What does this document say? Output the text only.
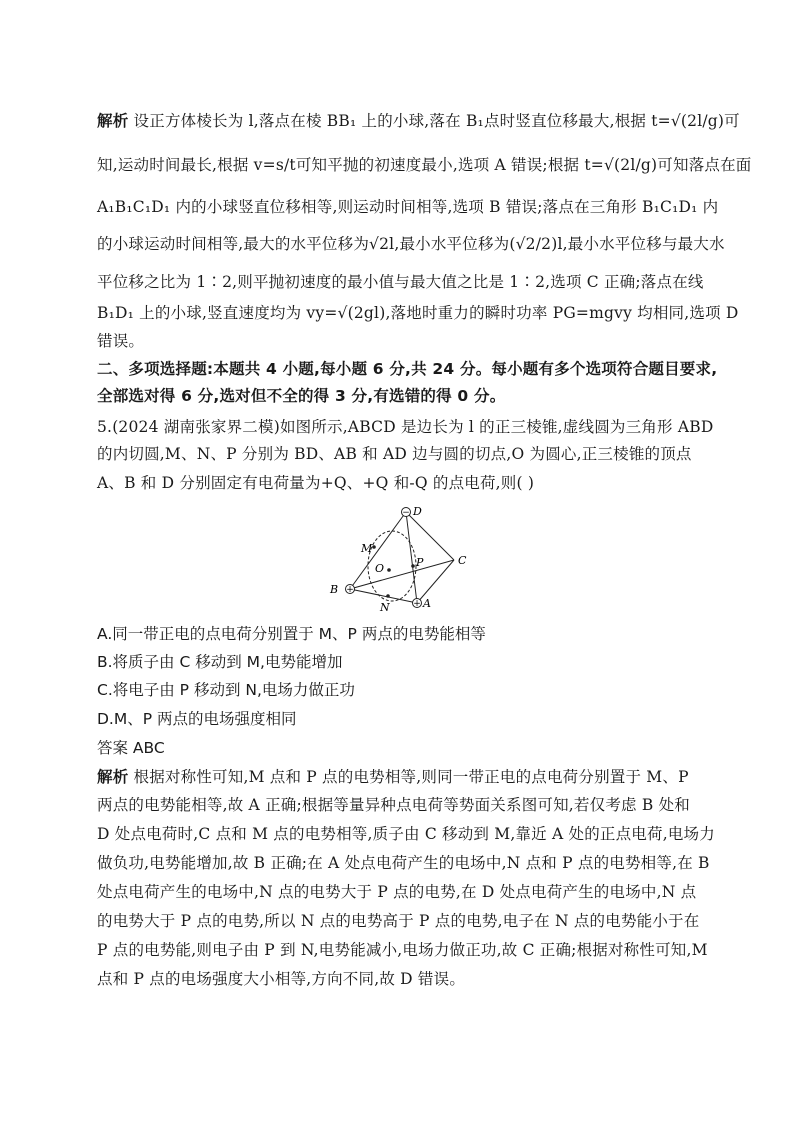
解析 设正方体棱长为 l,落点在棱 BB₁ 上的小球,落在 B₁点时竖直位移最大,根据 t=√(2l/g)可
知,运动时间最长,根据 v=s/t可知平抛的初速度最小,选项 A 错误;根据 t=√(2l/g)可知落点在面
A₁B₁C₁D₁ 内的小球竖直位移相等,则运动时间相等,选项 B 错误;落点在三角形 B₁C₁D₁ 内
的小球运动时间相等,最大的水平位移为√2l,最小水平位移为(√2/2)l,最小水平位移与最大水
平位移之比为 1∶2,则平抛初速度的最小值与最大值之比是 1∶2,选项 C 正确;落点在线
B₁D₁ 上的小球,竖直速度均为 vy=√(2gl),落地时重力的瞬时功率 PG=mgvy 均相同,选项 D
错误。
二、多项选择题:本题共 4 小题,每小题 6 分,共 24 分。每小题有多个选项符合题目要求,
全部选对得 6 分,选对但不全的得 3 分,有选错的得 0 分。
5.(2024 湖南张家界二模)如图所示,ABCD 是边长为 l 的正三棱锥,虚线圆为三角形 ABD
的内切圆,M、N、P 分别为 BD、AB 和 AD 边与圆的切点,O 为圆心,正三棱锥的顶点
A、B 和 D 分别固定有电荷量为+Q、+Q 和-Q 的点电荷,则( )
−
+
+
D
M
O	P	C
B
N	A
A.同一带正电的点电荷分别置于 M、P 两点的电势能相等
B.将质子由 C 移动到 M,电势能增加
C.将电子由 P 移动到 N,电场力做正功
D.M、P 两点的电场强度相同
答案 ABC
解析 根据对称性可知,M 点和 P 点的电势相等,则同一带正电的点电荷分别置于 M、P
两点的电势能相等,故 A 正确;根据等量异种点电荷等势面关系图可知,若仅考虑 B 处和
D 处点电荷时,C 点和 M 点的电势相等,质子由 C 移动到 M,靠近 A 处的正点电荷,电场力
做负功,电势能增加,故 B 正确;在 A 处点电荷产生的电场中,N 点和 P 点的电势相等,在 B
处点电荷产生的电场中,N 点的电势大于 P 点的电势,在 D 处点电荷产生的电场中,N 点
的电势大于 P 点的电势,所以 N 点的电势高于 P 点的电势,电子在 N 点的电势能小于在
P 点的电势能,则电子由 P 到 N,电势能减小,电场力做正功,故 C 正确;根据对称性可知,M
点和 P 点的电场强度大小相等,方向不同,故 D 错误。
